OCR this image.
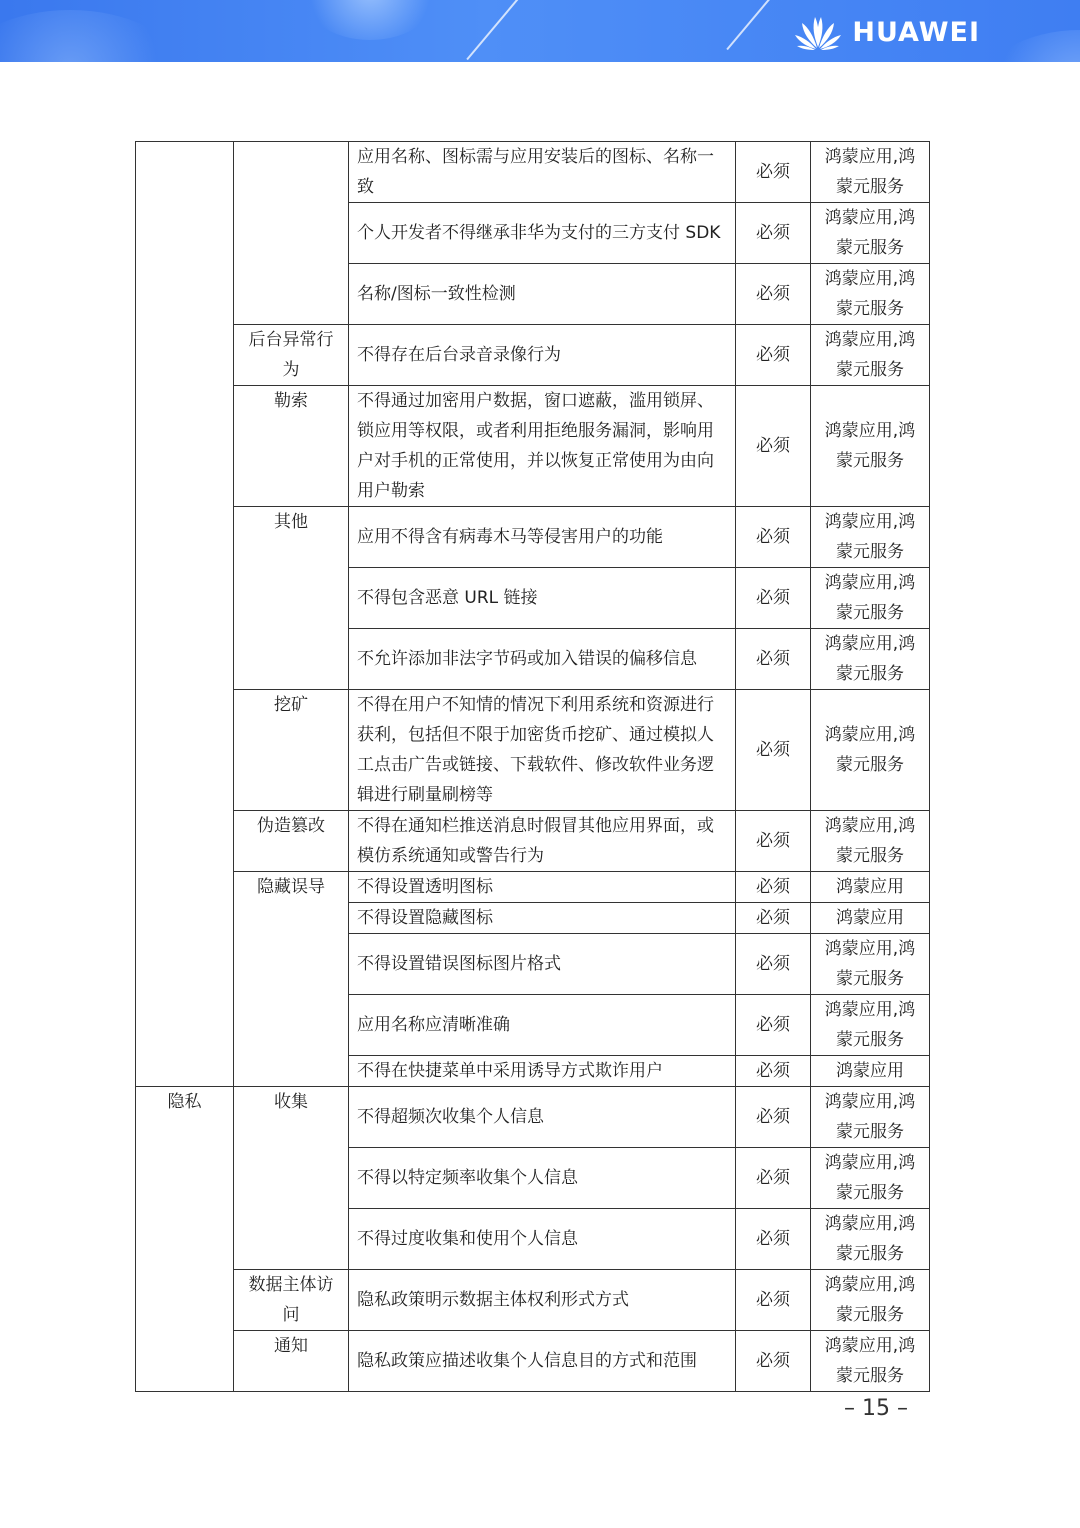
HUAWEI
		应用名称、图标需与应用安装后的图标、名称一致	必须	鸿蒙应用,鸿蒙元服务
		个人开发者不得继承非华为支付的三方支付 SDK	必须	鸿蒙应用,鸿蒙元服务
		名称/图标一致性检测	必须	鸿蒙应用,鸿蒙元服务
	后台异常行为	不得存在后台录音录像行为	必须	鸿蒙应用,鸿蒙元服务
	勒索	不得通过加密用户数据，窗口遮蔽，滥用锁屏、锁应用等权限，或者利用拒绝服务漏洞，影响用户对手机的正常使用，并以恢复正常使用为由向用户勒索	必须	鸿蒙应用,鸿蒙元服务
	其他	应用不得含有病毒木马等侵害用户的功能	必须	鸿蒙应用,鸿蒙元服务
		不得包含恶意 URL 链接	必须	鸿蒙应用,鸿蒙元服务
		不允许添加非法字节码或加入错误的偏移信息	必须	鸿蒙应用,鸿蒙元服务
	挖矿	不得在用户不知情的情况下利用系统和资源进行获利，包括但不限于加密货币挖矿、通过模拟人工点击广告或链接、下载软件、修改软件业务逻辑进行刷量刷榜等	必须	鸿蒙应用,鸿蒙元服务
	伪造篡改	不得在通知栏推送消息时假冒其他应用界面，或模仿系统通知或警告行为	必须	鸿蒙应用,鸿蒙元服务
	隐藏误导	不得设置透明图标	必须	鸿蒙应用
		不得设置隐藏图标	必须	鸿蒙应用
		不得设置错误图标图片格式	必须	鸿蒙应用,鸿蒙元服务
		应用名称应清晰准确	必须	鸿蒙应用,鸿蒙元服务
		不得在快捷菜单中采用诱导方式欺诈用户	必须	鸿蒙应用
隐私	收集	不得超频次收集个人信息	必须	鸿蒙应用,鸿蒙元服务
		不得以特定频率收集个人信息	必须	鸿蒙应用,鸿蒙元服务
		不得过度收集和使用个人信息	必须	鸿蒙应用,鸿蒙元服务
	数据主体访问	隐私政策明示数据主体权利形式方式	必须	鸿蒙应用,鸿蒙元服务
	通知	隐私政策应描述收集个人信息目的方式和范围	必须	鸿蒙应用,鸿蒙元服务
– 15 –
